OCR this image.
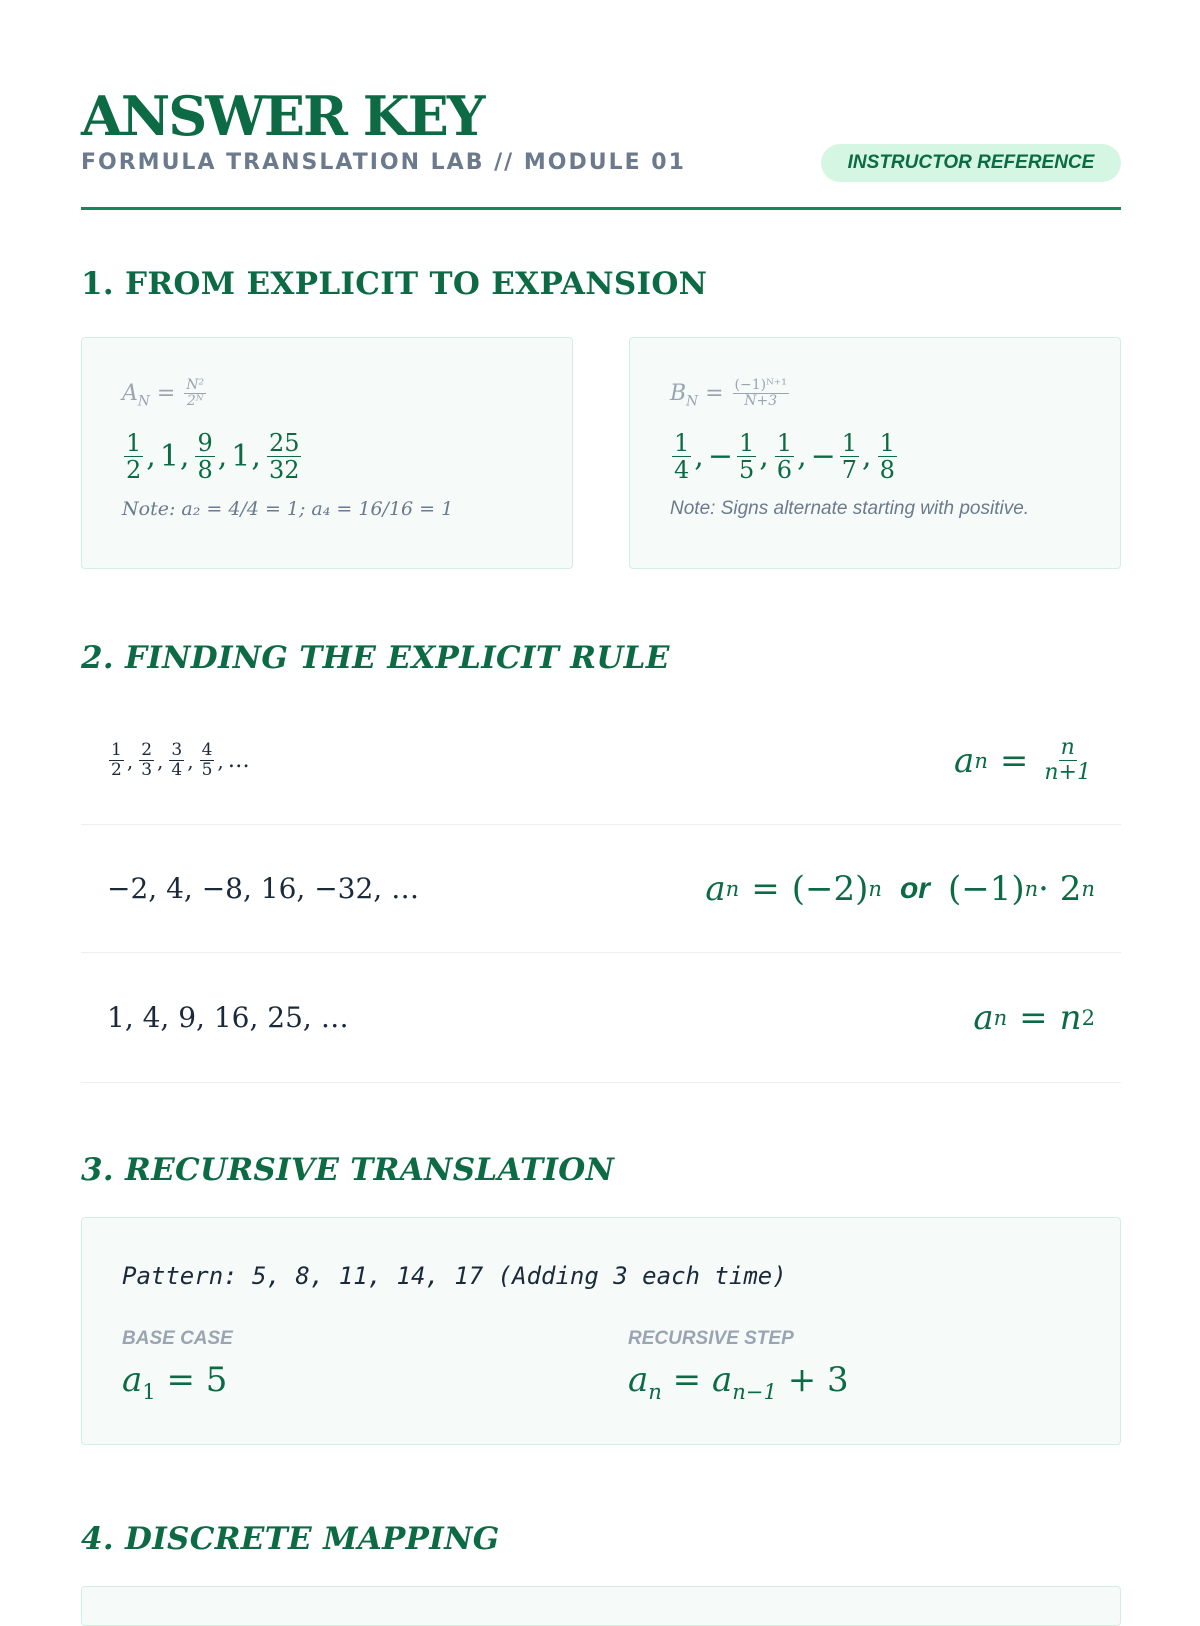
ANSWER KEY
FORMULA TRANSLATION LAB // MODULE 01	INSTRUCTOR REFERENCE
1. FROM EXPLICIT TO EXPANSION
$A_N = \frac{\text{N²}}{\text{2ᴺ}}$
$\frac{1}{2}$ , 1 , $\frac{9}{8}$ , 1 , $\frac{25}{32}$
Note: a₂ = 4/4 = 1; a₄ = 16/16 = 1
$B_N = \frac{\text{(−1)ᴺ⁺¹}}{N+3}$
$\frac{1}{4}$ , − $\frac{1}{5}$ , $\frac{1}{6}$ , − $\frac{1}{7}$ , $\frac{1}{8}$
Note: Signs alternate starting with positive.
2. FINDING THE EXPLICIT RULE
$\frac{1}{2}$ , $\frac{2}{3}$ , $\frac{3}{4}$ , $\frac{4}{5}$ , …	a $n = \frac{n}{n+1}$
−2, 4, −8, 16, −32, …	a n = (−2) n or (−1) n · 2 n
1, 4, 9, 16, 25, …	a n = n 2
3. RECURSIVE TRANSLATION
Pattern: 5, 8, 11, 14, 17 (Adding 3 each time)
BASE CASE
$a_1 = 5$
RECURSIVE STEP
$a_n = a_{n-1} + 3$
4. DISCRETE MAPPING
